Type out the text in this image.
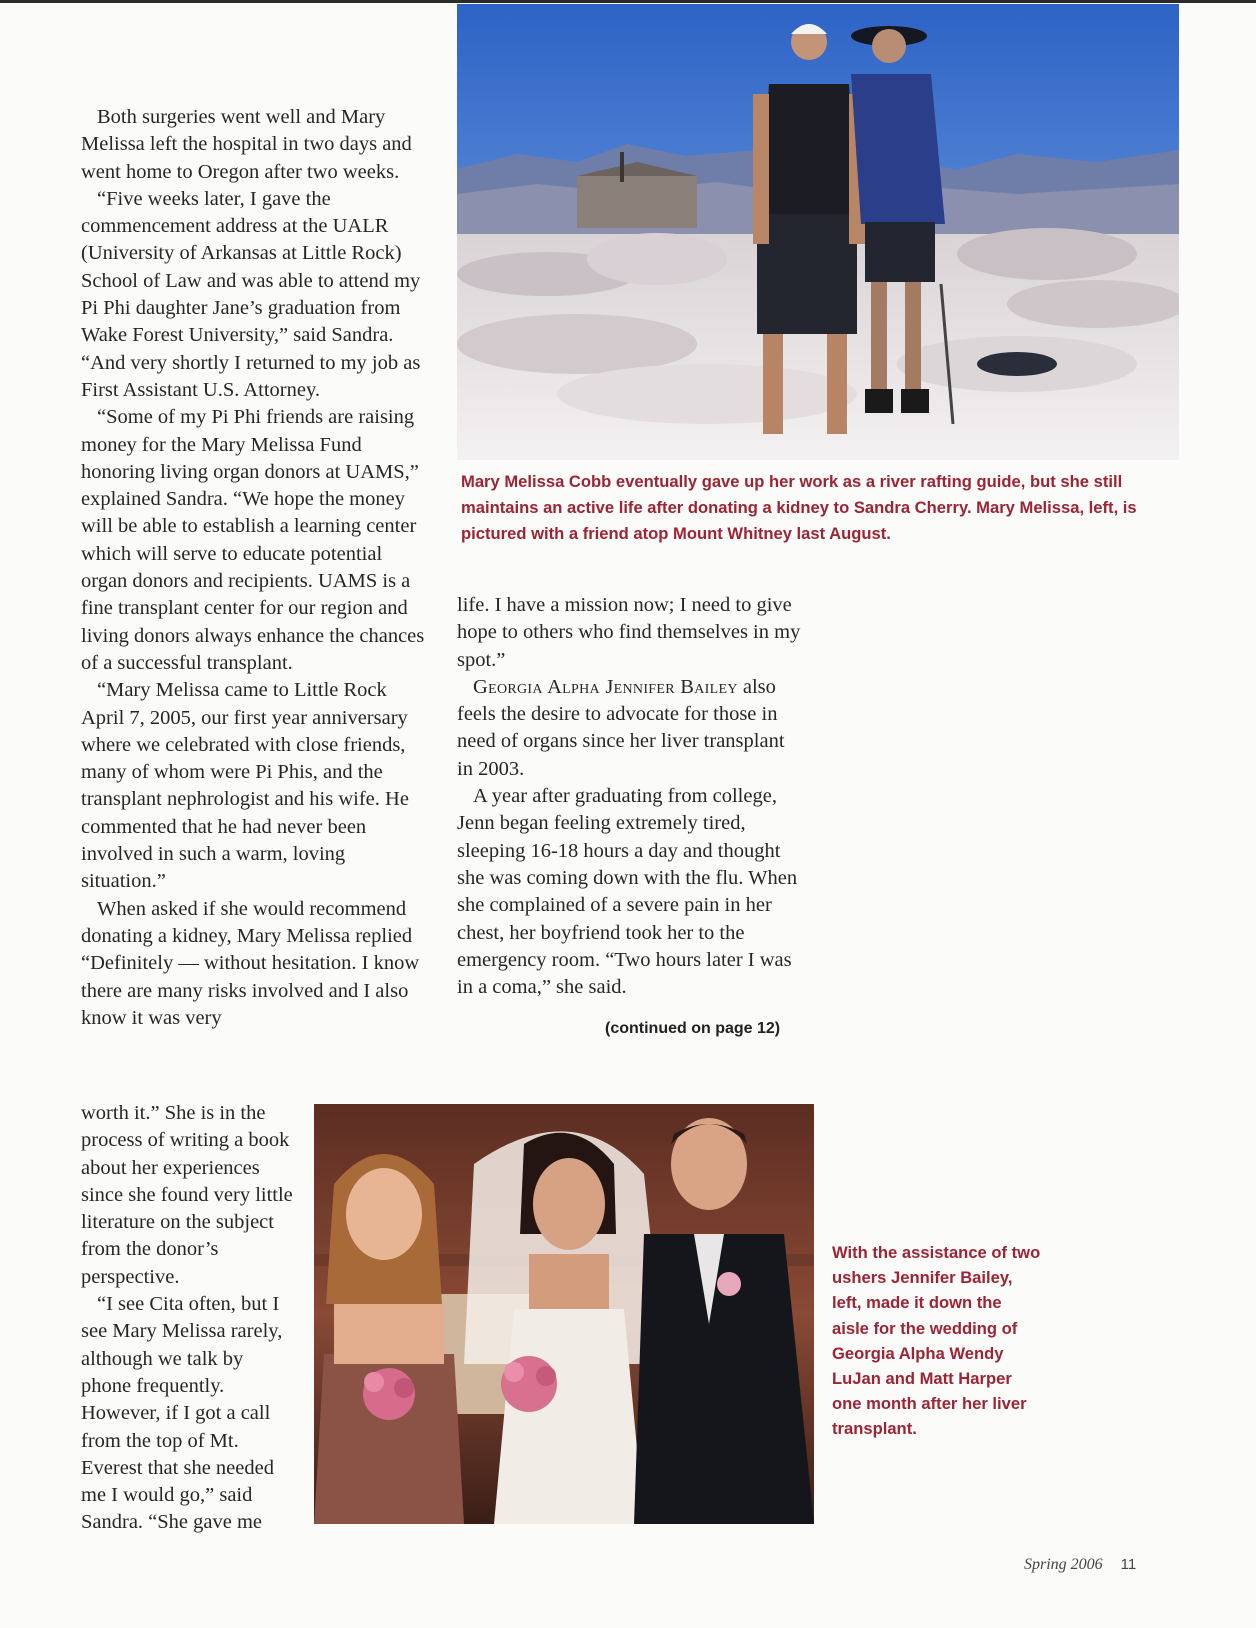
Both surgeries went well and Mary Melissa left the hospital in two days and went home to Oregon after two weeks.

“Five weeks later, I gave the commencement address at the UALR (University of Arkansas at Little Rock) School of Law and was able to attend my Pi Phi daughter Jane’s graduation from Wake Forest University,” said Sandra. “And very shortly I returned to my job as First Assistant U.S. Attorney.

“Some of my Pi Phi friends are raising money for the Mary Melissa Fund honoring living organ donors at UAMS,” explained Sandra. “We hope the money will be able to establish a learning center which will serve to educate potential organ donors and recipients. UAMS is a fine transplant center for our region and living donors always enhance the chances of a successful transplant.

“Mary Melissa came to Little Rock April 7, 2005, our first year anniversary where we celebrated with close friends, many of whom were Pi Phis, and the transplant nephrologist and his wife. He commented that he had never been involved in such a warm, loving situation.”

When asked if she would recommend donating a kidney, Mary Melissa replied “Definitely — without hesitation. I know there are many risks involved and I also know it was very

worth it.” She is in the process of writing a book about her experiences since she found very little literature on the subject from the donor’s perspective.

“I see Cita often, but I see Mary Melissa rarely, although we talk by phone frequently. However, if I got a call from the top of Mt. Everest that she needed me I would go,” said Sandra. “She gave me

Mary Melissa Cobb eventually gave up her work as a river rafting guide, but she still maintains an active life after donating a kidney to Sandra Cherry. Mary Melissa, left, is pictured with a friend atop Mount Whitney last August.

life. I have a mission now; I need to give hope to others who find themselves in my spot.”

Georgia Alpha Jennifer Bailey also feels the desire to advocate for those in need of organs since her liver transplant in 2003.

A year after graduating from college, Jenn began feeling extremely tired, sleeping 16-18 hours a day and thought she was coming down with the flu. When she complained of a severe pain in her chest, her boyfriend took her to the emergency room. “Two hours later I was in a coma,” she said.

(continued on page 12)
With the assistance of two ushers Jennifer Bailey, left, made it down the aisle for the wedding of Georgia Alpha Wendy LuJan and Matt Harper one month after her liver transplant.
Spring 2006 11
